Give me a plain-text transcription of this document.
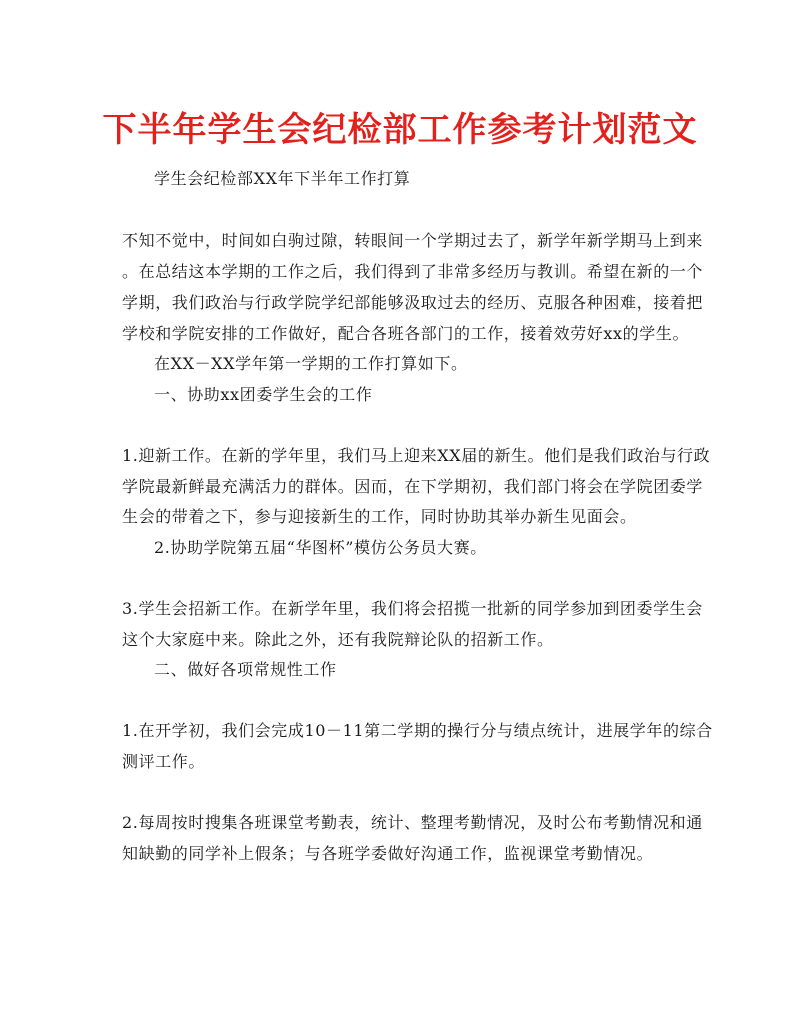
下半年学生会纪检部工作参考计划范文
学生会纪检部XX年下半年工作打算
不知不觉中，时间如白驹过隙，转眼间一个学期过去了，新学年新学期马上到来
。在总结这本学期的工作之后，我们得到了非常多经历与教训。希望在新的一个
学期，我们政治与行政学院学纪部能够汲取过去的经历、克服各种困难，接着把
学校和学院安排的工作做好，配合各班各部门的工作，接着效劳好xx的学生。
在XX－XX学年第一学期的工作打算如下。
一、协助xx团委学生会的工作
1.迎新工作。在新的学年里，我们马上迎来XX届的新生。他们是我们政治与行政
学院最新鲜最充满活力的群体。因而，在下学期初，我们部门将会在学院团委学
生会的带着之下，参与迎接新生的工作，同时协助其举办新生见面会。
2.协助学院第五届“华图杯”模仿公务员大赛。
3.学生会招新工作。在新学年里，我们将会招揽一批新的同学参加到团委学生会
这个大家庭中来。除此之外，还有我院辩论队的招新工作。
二、做好各项常规性工作
1.在开学初，我们会完成10－11第二学期的操行分与绩点统计，进展学年的综合
测评工作。
2.每周按时搜集各班课堂考勤表，统计、整理考勤情况，及时公布考勤情况和通
知缺勤的同学补上假条；与各班学委做好沟通工作，监视课堂考勤情况。
